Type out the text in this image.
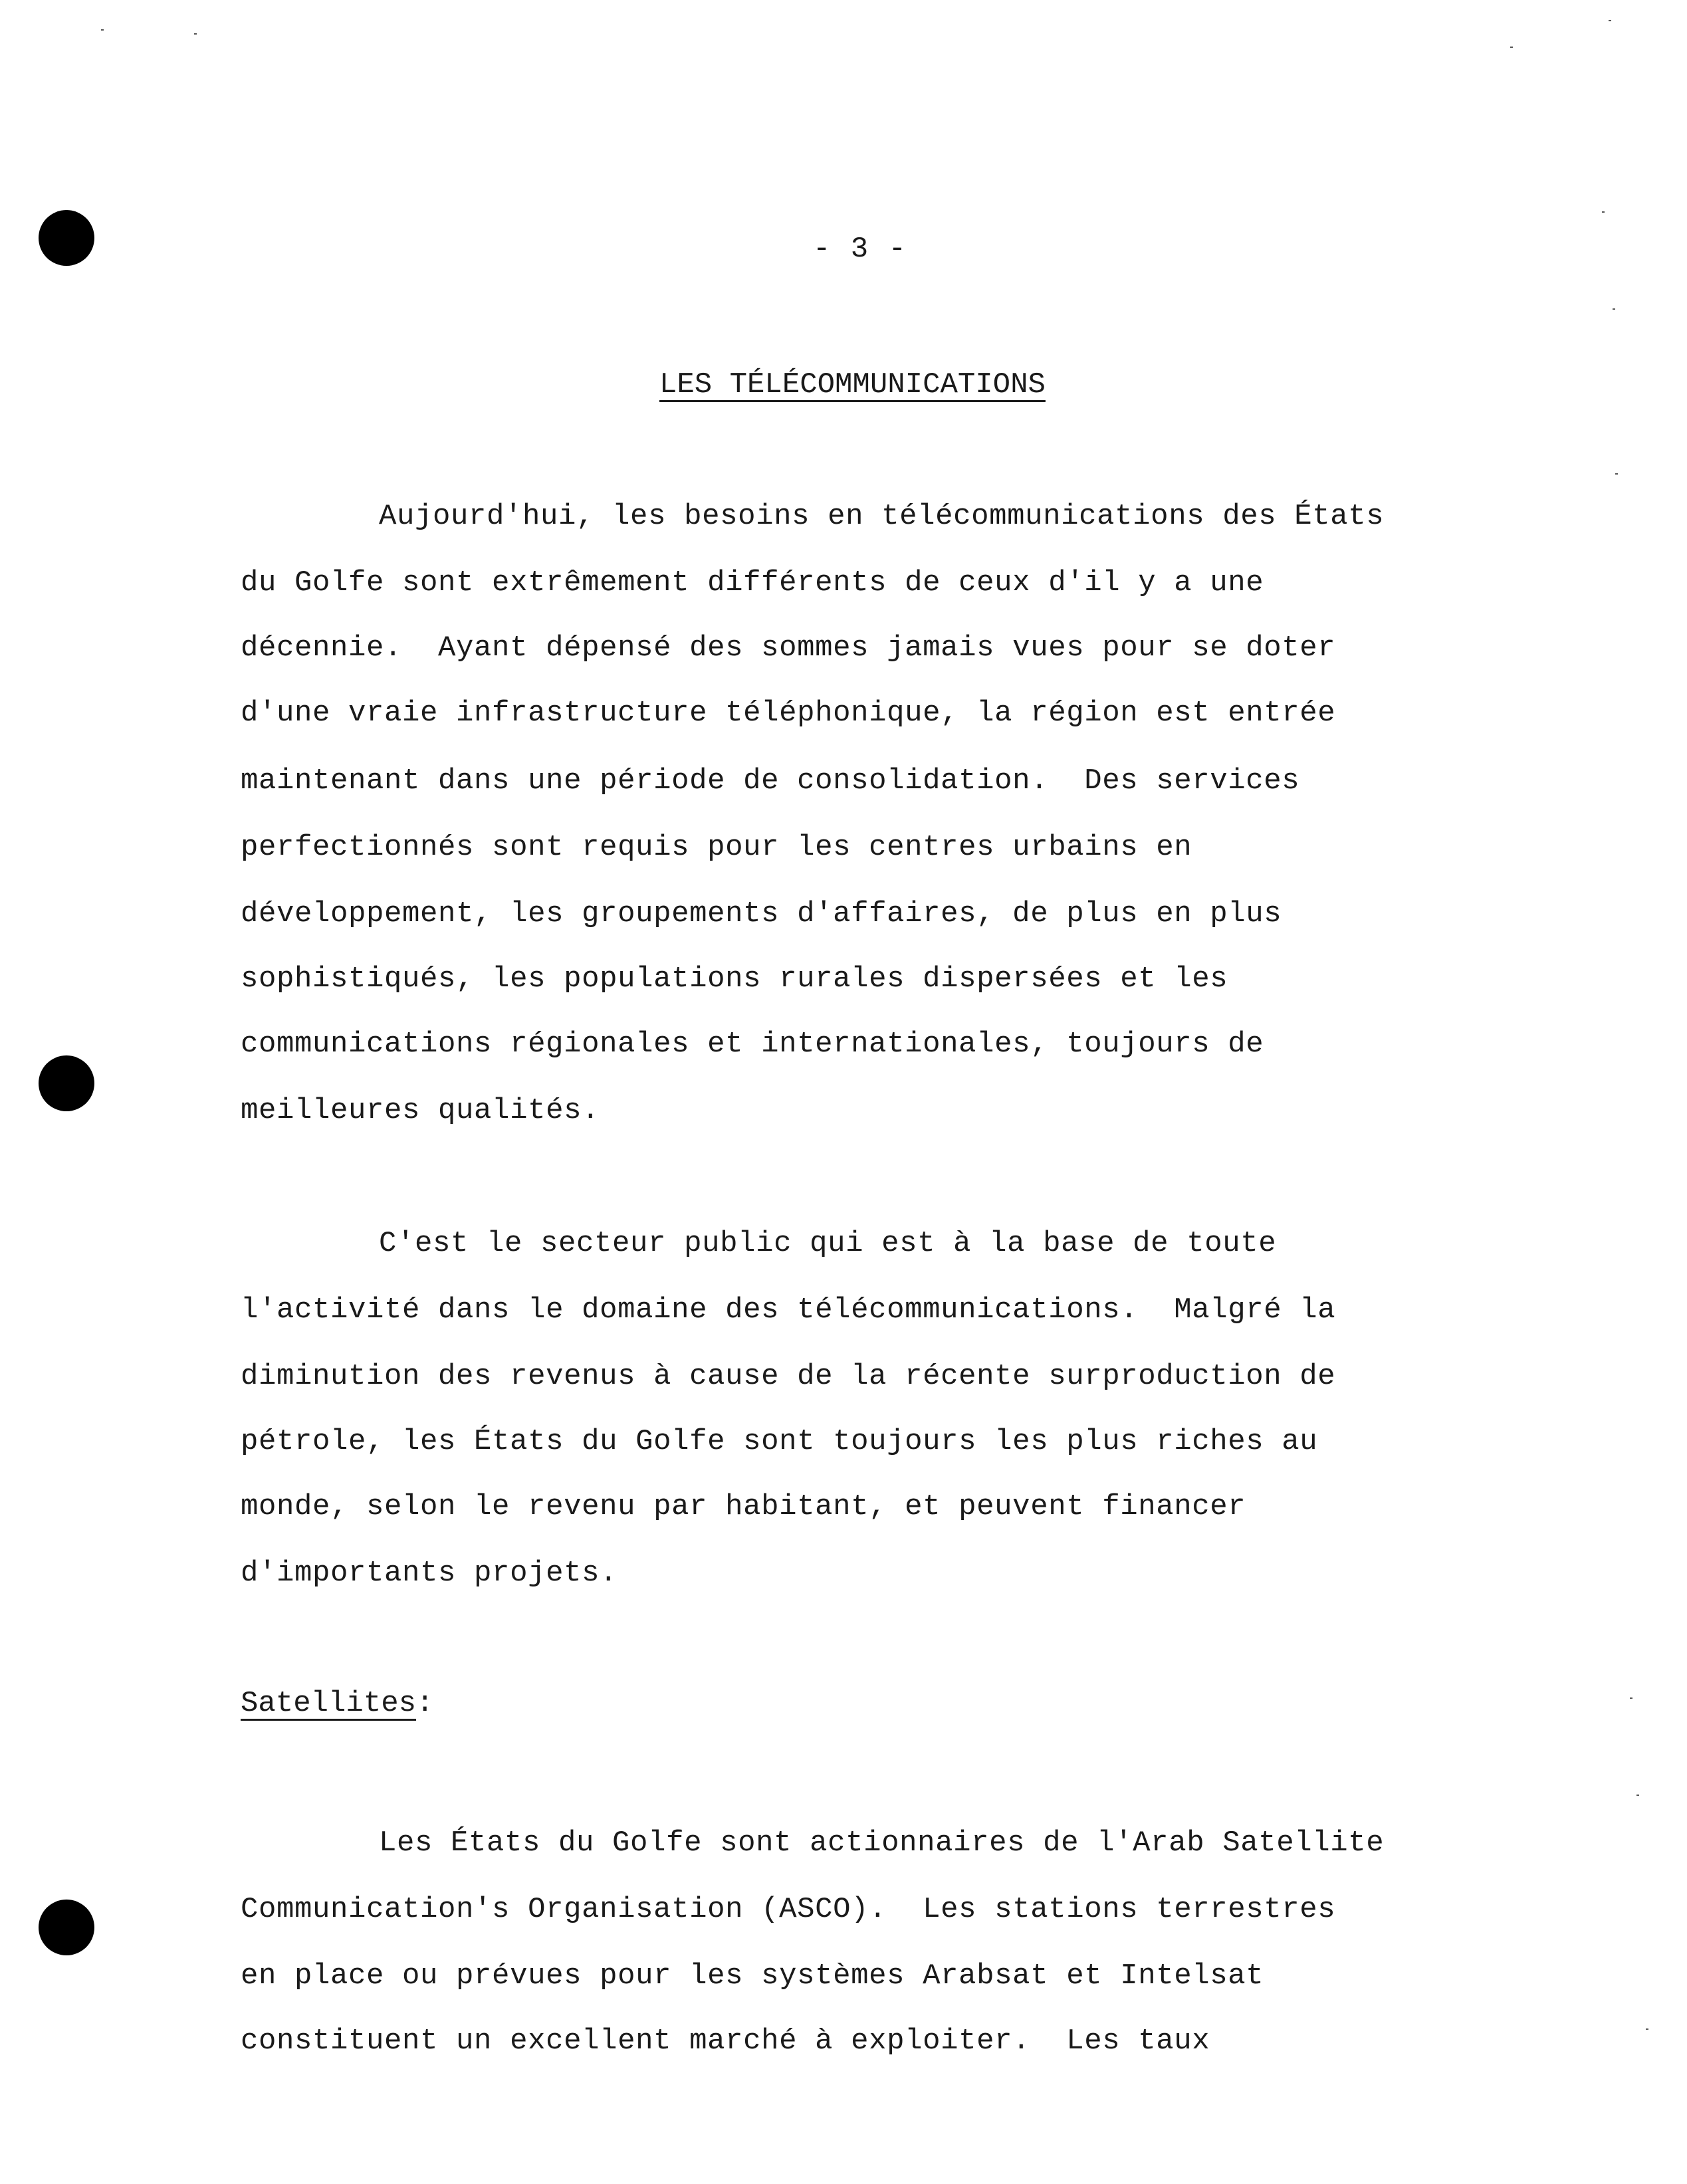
- 3 -
LES TÉLÉCOMMUNICATIONS
Aujourd'hui, les besoins en télécommunications des États
du Golfe sont extrêmement différents de ceux d'il y a une
décennie.  Ayant dépensé des sommes jamais vues pour se doter
d'une vraie infrastructure téléphonique, la région est entrée
maintenant dans une période de consolidation.  Des services
perfectionnés sont requis pour les centres urbains en
développement, les groupements d'affaires, de plus en plus
sophistiqués, les populations rurales dispersées et les
communications régionales et internationales, toujours de
meilleures qualités.
C'est le secteur public qui est à la base de toute
l'activité dans le domaine des télécommunications.  Malgré la
diminution des revenus à cause de la récente surproduction de
pétrole, les États du Golfe sont toujours les plus riches au
monde, selon le revenu par habitant, et peuvent financer
d'importants projets.
Satellites:
Les États du Golfe sont actionnaires de l'Arab Satellite
Communication's Organisation (ASCO).  Les stations terrestres
en place ou prévues pour les systèmes Arabsat et Intelsat
constituent un excellent marché à exploiter.  Les taux
